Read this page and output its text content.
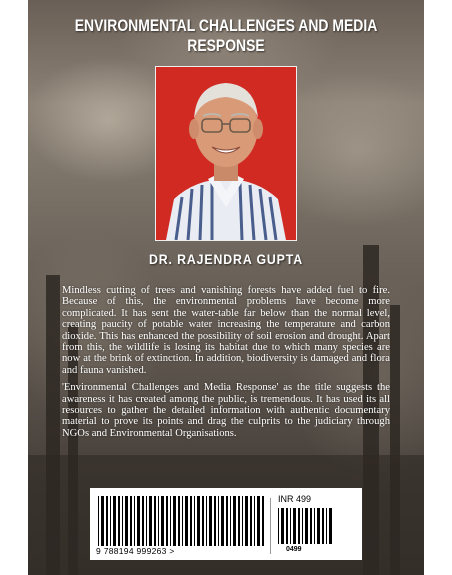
ENVIRONMENTAL CHALLENGES AND MEDIA RESPONSE
DR. RAJENDRA GUPTA

Mindless cutting of trees and vanishing forests have added fuel to fire. Because of this, the environmental problems have become more complicated. It has sent the water-table far below than the normal level, creating paucity of potable water increasing the temperature and carbon dioxide. This has enhanced the possibility of soil erosion and drought. Apart from this, the wildlife is losing its habitat due to which many species are now at the brink of extinction. In addition, biodiversity is damaged and flora and fauna vanished.

'Environmental Challenges and Media Response' as the title suggests the awareness it has created among the public, is tremendous. It has used its all resources to gather the detailed information with authentic documentary material to prove its points and drag the culprits to the judiciary through NGOs and Environmental Organisations.

9 788194 999263 >
INR 499
0499
